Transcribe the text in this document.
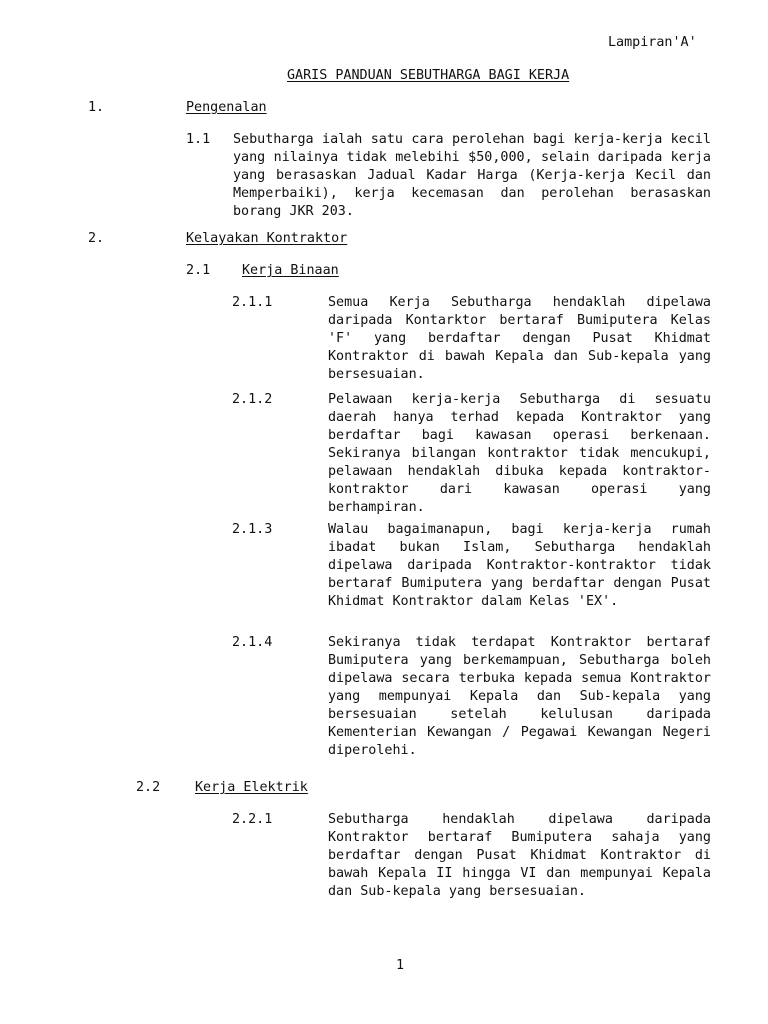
Lampiran'A'
GARIS PANDUAN SEBUTHARGA BAGI KERJA
1.	Pengenalan
1.1 Sebutharga ialah satu cara perolehan bagi kerja-kerja kecil yang nilainya tidak melebihi $50,000, selain daripada kerja yang berasaskan Jadual Kadar Harga (Kerja-kerja Kecil dan Memperbaiki), kerja kecemasan dan perolehan berasaskan borang JKR 203.
2.	Kelayakan Kontraktor
2.1 Kerja Binaan
2.1.1	Semua Kerja Sebutharga hendaklah dipelawa daripada Kontarktor bertaraf Bumiputera Kelas 'F' yang berdaftar dengan Pusat Khidmat Kontraktor di bawah Kepala dan Sub-kepala yang bersesuaian.
2.1.2	Pelawaan kerja-kerja Sebutharga di sesuatu daerah hanya terhad kepada Kontraktor yang berdaftar bagi kawasan operasi berkenaan. Sekiranya bilangan kontraktor tidak mencukupi, pelawaan hendaklah dibuka kepada kontraktor-kontraktor dari kawasan operasi yang berhampiran.
2.1.3	Walau bagaimanapun, bagi kerja-kerja rumah ibadat bukan Islam, Sebutharga hendaklah dipelawa daripada Kontraktor-kontraktor tidak bertaraf Bumiputera yang berdaftar dengan Pusat Khidmat Kontraktor dalam Kelas 'EX'.
2.1.4	Sekiranya tidak terdapat Kontraktor bertaraf Bumiputera yang berkemampuan, Sebutharga boleh dipelawa secara terbuka kepada semua Kontraktor yang mempunyai Kepala dan Sub-kepala yang bersesuaian setelah kelulusan daripada Kementerian Kewangan / Pegawai Kewangan Negeri diperolehi.
2.2	Kerja Elektrik
2.2.1	Sebutharga hendaklah dipelawa daripada Kontraktor bertaraf Bumiputera sahaja yang berdaftar dengan Pusat Khidmat Kontraktor di bawah Kepala II hingga VI dan mempunyai Kepala dan Sub-kepala yang bersesuaian.
1
